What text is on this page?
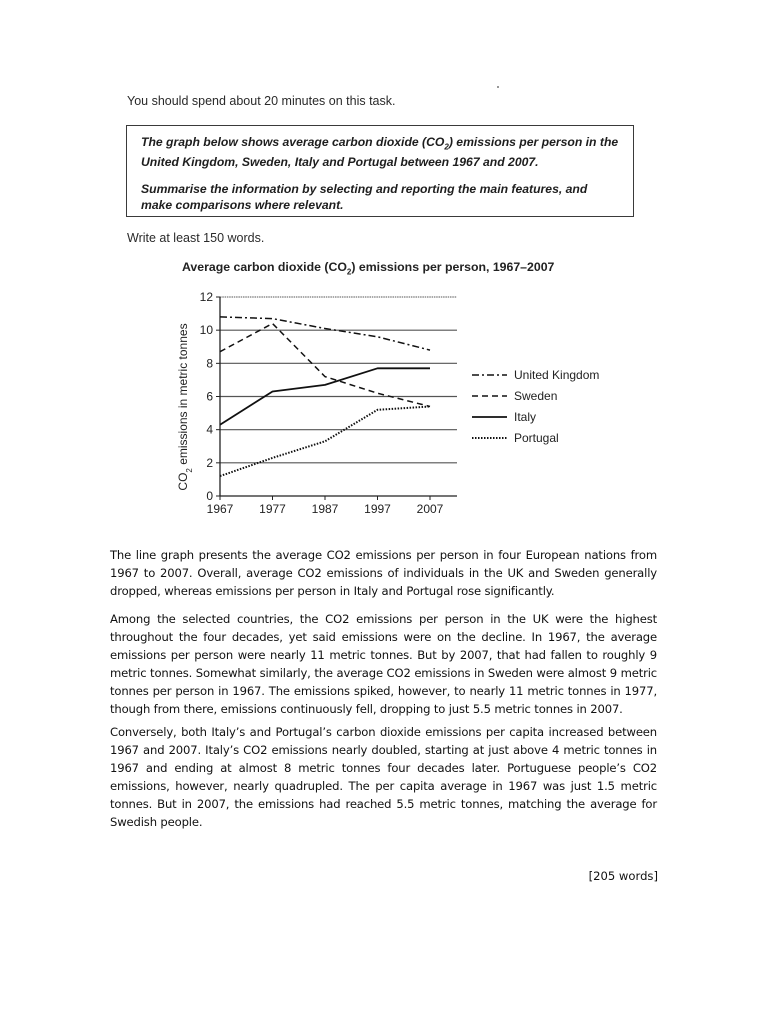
You should spend about 20 minutes on this task.

The graph below shows average carbon dioxide $(CO_2)$ emissions per person in the United Kingdom, Sweden, Italy and Portugal between 1967 and 2007.

Summarise the information by selecting and reporting the main features, and make comparisons where relevant.

Write at least 150 words.
Average carbon dioxide $(CO_2)$ emissions per person, 1967–2007
0
2
4
6
8
10
12
1967 1977 1987 1997 2007
United Kingdom
Sweden
Italy
Portugal
$CO_2$ emissions in metric tonnes

The line graph presents the average CO2 emissions per person in four European nations from 1967 to 2007. Overall, average CO2 emissions of individuals in the UK and Sweden generally dropped, whereas emissions per person in Italy and Portugal rose significantly.

Among the selected countries, the CO2 emissions per person in the UK were the highest throughout the four decades, yet said emissions were on the decline. In 1967, the average emissions per person were nearly 11 metric tonnes. But by 2007, that had fallen to roughly 9 metric tonnes. Somewhat similarly, the average CO2 emissions in Sweden were almost 9 metric tonnes per person in 1967. The emissions spiked, however, to nearly 11 metric tonnes in 1977, though from there, emissions continuously fell, dropping to just 5.5 metric tonnes in 2007.

Conversely, both Italy’s and Portugal’s carbon dioxide emissions per capita increased between 1967 and 2007. Italy’s CO2 emissions nearly doubled, starting at just above 4 metric tonnes in 1967 and ending at almost 8 metric tonnes four decades later. Portuguese people’s CO2 emissions, however, nearly quadrupled. The per capita average in 1967 was just 1.5 metric tonnes. But in 2007, the emissions had reached 5.5 metric tonnes, matching the average for Swedish people.

[205 words]
